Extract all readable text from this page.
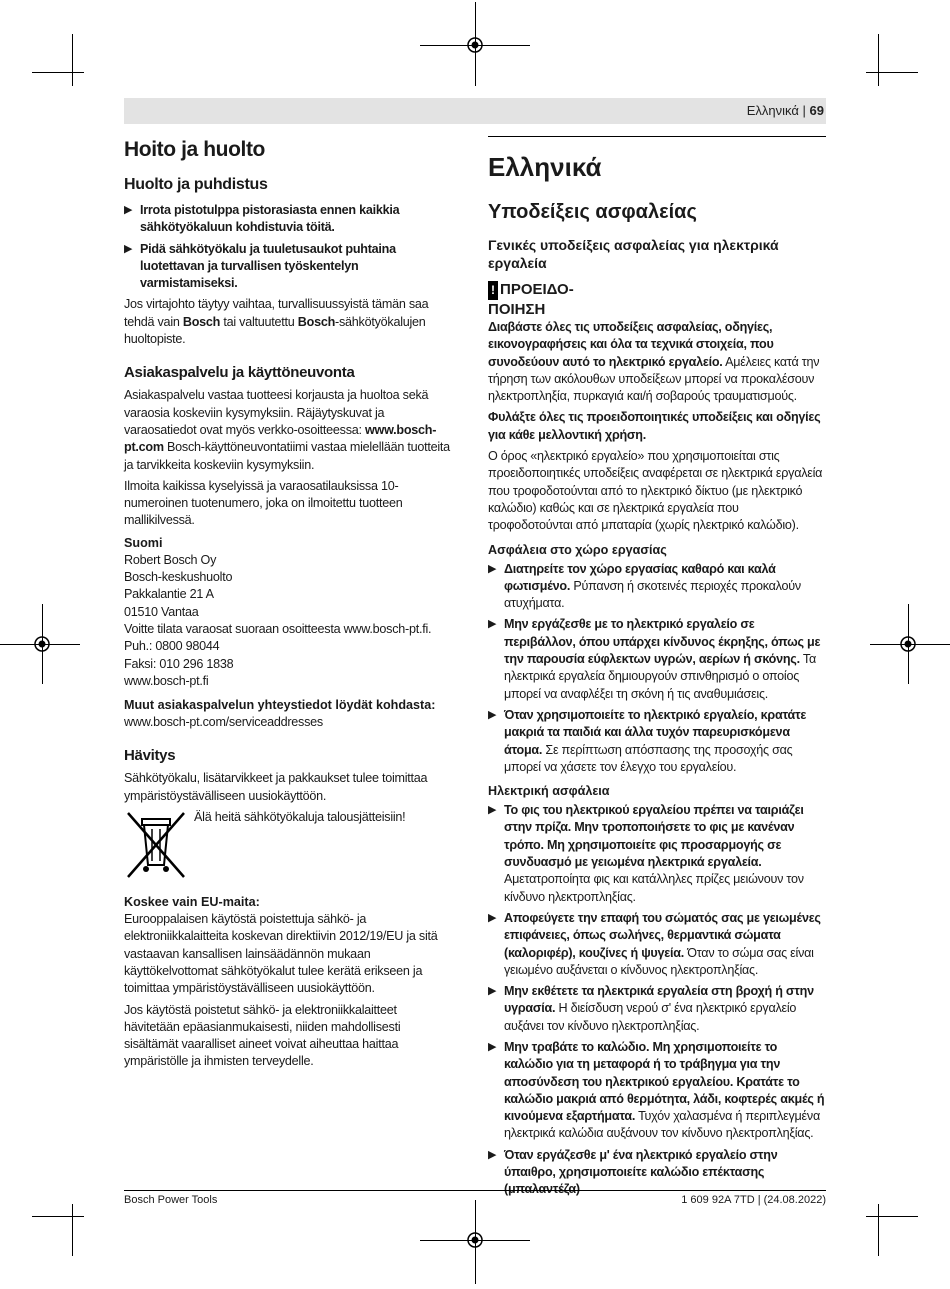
Ελληνικά | 69
Hoito ja huolto
Huolto ja puhdistus
▶ Irrota pistotulppa pistorasiasta ennen kaikkia sähkötyökaluun kohdistuvia töitä.
▶ Pidä sähkötyökalu ja tuuletusaukot puhtaina luotettavan ja turvallisen työskentelyn varmistamiseksi.

Jos virtajohto täytyy vaihtaa, turvallisuussyistä tämän saa tehdä vain Bosch tai valtuutettu Bosch-sähkötyökalujen huoltopiste.

Asiakaspalvelu ja käyttöneuvonta

Asiakaspalvelu vastaa tuotteesi korjausta ja huoltoa sekä varaosia koskeviin kysymyksiin. Räjäytyskuvat ja varaosatiedot ovat myös verkko-osoitteessa: www.bosch-pt.com Bosch-käyttöneuvontatiimi vastaa mielellään tuotteita ja tarvikkeita koskeviin kysymyksiin.

Ilmoita kaikissa kyselyissä ja varaosatilauksissa 10-numeroinen tuotenumero, joka on ilmoitettu tuotteen mallikilvessä.

Suomi

Robert Bosch Oy

Bosch-keskushuolto

Pakkalantie 21 A

01510 Vantaa

Voitte tilata varaosat suoraan osoitteesta www.bosch-pt.fi.

Puh.: 0800 98044

Faksi: 010 296 1838

www.bosch-pt.fi

Muut asiakaspalvelun yhteystiedot löydät kohdasta:

www.bosch-pt.com/serviceaddresses

Hävitys

Sähkötyökalu, lisätarvikkeet ja pakkaukset tulee toimittaa ympäristöystävälliseen uusiokäyttöön.

Älä heitä sähkötyökaluja talousjätteisiin!

Koskee vain EU-maita:

Eurooppalaisen käytöstä poistettuja sähkö- ja elektroniikkalaitteita koskevan direktiivin 2012/19/EU ja sitä vastaavan kansallisen lainsäädännön mukaan käyttökelvottomat sähkötyökalut tulee kerätä erikseen ja toimittaa ympäristöystävälliseen uusiokäyttöön.

Jos käytöstä poistetut sähkö- ja elektroniikkalaitteet hävitetään epäasianmukaisesti, niiden mahdollisesti sisältämät vaaralliset aineet voivat aiheuttaa haittaa ympäristölle ja ihmisten terveydelle.

Ελληνικά
Υποδείξεις ασφαλείας
Γενικές υποδείξεις ασφαλείας για ηλεκτρικά εργαλεία
! ΠΡΟΕΙΔΟ-
ΠΟΙΗΣΗ

Διαβάστε όλες τις υποδείξεις ασφαλείας, οδηγίες, εικονογραφήσεις και όλα τα τεχνικά στοιχεία, που συνοδεύουν αυτό το ηλεκτρικό εργαλείο. Αμέλειες κατά την τήρηση των ακόλουθων υποδείξεων μπορεί να προκαλέσουν ηλεκτροπληξία, πυρκαγιά και/ή σοβαρούς τραυματισμούς.

Φυλάξτε όλες τις προειδοποιητικές υποδείξεις και οδηγίες για κάθε μελλοντική χρήση.

Ο όρος «ηλεκτρικό εργαλείο» που χρησιμοποιείται στις προειδοποιητικές υποδείξεις αναφέρεται σε ηλεκτρικά εργαλεία που τροφοδοτούνται από το ηλεκτρικό δίκτυο (με ηλεκτρικό καλώδιο) καθώς και σε ηλεκτρικά εργαλεία που τροφοδοτούνται από μπαταρία (χωρίς ηλεκτρικό καλώδιο).

Ασφάλεια στο χώρο εργασίας
▶ Διατηρείτε τον χώρο εργασίας καθαρό και καλά φωτισμένο. Ρύπανση ή σκοτεινές περιοχές προκαλούν ατυχήματα.
▶ Μην εργάζεσθε με το ηλεκτρικό εργαλείο σε περιβάλλον, όπου υπάρχει κίνδυνος έκρηξης, όπως με την παρουσία εύφλεκτων υγρών, αερίων ή σκόνης. Τα ηλεκτρικά εργαλεία δημιουργούν σπινθηρισμό ο οποίος μπορεί να αναφλέξει τη σκόνη ή τις αναθυμιάσεις.
▶ Όταν χρησιμοποιείτε το ηλεκτρικό εργαλείο, κρατάτε μακριά τα παιδιά και άλλα τυχόν παρευρισκόμενα άτομα. Σε περίπτωση απόσπασης της προσοχής σας μπορεί να χάσετε τον έλεγχο του εργαλείου.
Ηλεκτρική ασφάλεια
▶ Το φις του ηλεκτρικού εργαλείου πρέπει να ταιριάζει στην πρίζα. Μην τροποποιήσετε το φις με κανέναν τρόπο. Μη χρησιμοποιείτε φις προσαρμογής σε συνδυασμό με γειωμένα ηλεκτρικά εργαλεία. Αμετατροποίητα φις και κατάλληλες πρίζες μειώνουν τον κίνδυνο ηλεκτροπληξίας.
▶ Αποφεύγετε την επαφή του σώματός σας με γειωμένες επιφάνειες, όπως σωλήνες, θερμαντικά σώματα (καλοριφέρ), κουζίνες ή ψυγεία. Όταν το σώμα σας είναι γειωμένο αυξάνεται ο κίνδυνος ηλεκτροπληξίας.
▶ Μην εκθέτετε τα ηλεκτρικά εργαλεία στη βροχή ή στην υγρασία. Η διείσδυση νερού σ' ένα ηλεκτρικό εργαλείο αυξάνει τον κίνδυνο ηλεκτροπληξίας.
▶ Μην τραβάτε το καλώδιο. Μη χρησιμοποιείτε το καλώδιο για τη μεταφορά ή το τράβηγμα για την αποσύνδεση του ηλεκτρικού εργαλείου. Κρατάτε το καλώδιο μακριά από θερμότητα, λάδι, κοφτερές ακμές ή κινούμενα εξαρτήματα. Τυχόν χαλασμένα ή περιπλεγμένα ηλεκτρικά καλώδια αυξάνουν τον κίνδυνο ηλεκτροπληξίας.
▶ Όταν εργάζεσθε μ' ένα ηλεκτρικό εργαλείο στην ύπαιθρο, χρησιμοποιείτε καλώδιο επέκτασης (μπαλαντέζα)
Bosch Power Tools	1 609 92A 7TD | (24.08.2022)
